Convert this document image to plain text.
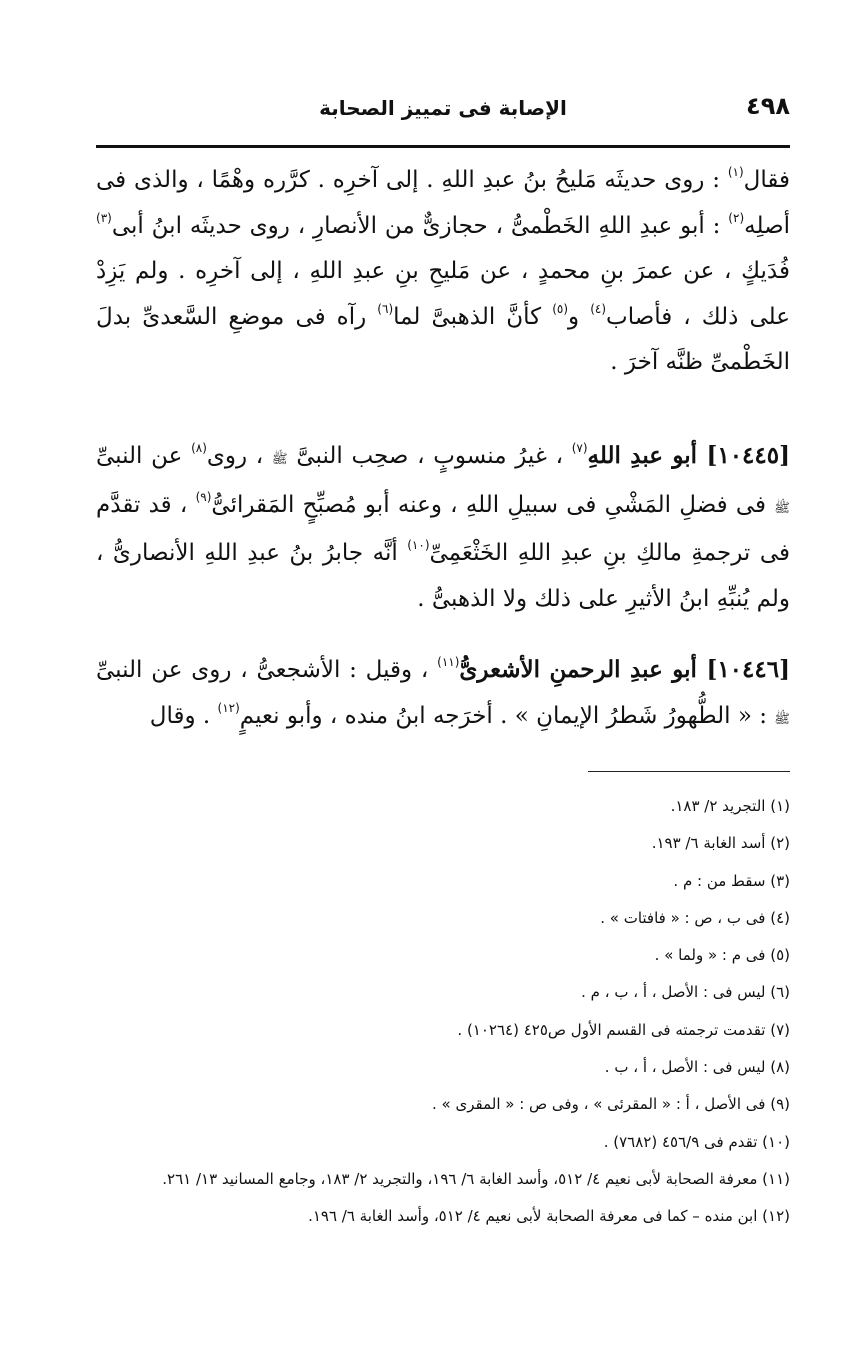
٤٩٨
الإصابة فى تمييز الصحابة

فقال$^{(١)}$ : روى حديثَه مَليحُ بنُ عبدِ اللهِ . إلى آخرِه . كرَّره وهْمًا ، والذى فى أصلِه$^{(٢)}$ : أبو عبدِ اللهِ الخَطْمىُّ ، حجازىٌّ من الأنصارِ ، روى حديثَه ابنُ أبى$^{(٣)}$ فُدَيكٍ ، عن عمرَ بنِ محمدٍ ، عن مَليحِ بنِ عبدِ اللهِ ، إلى آخرِه . ولم يَزِدْ على ذلك ، فأصاب$^{(٤)}$ و$^{(٥)}$ كأنَّ الذهبىَّ لما$^{(٦)}$ رآه فى موضعِ السَّعدىِّ بدلَ الخَطْمىِّ ظنَّه آخرَ .

[١٠٤٤٥] أبو عبدِ اللهِ$^{(٧)}$ ، غيرُ منسوبٍ ، صحِب النبىَّ ﷺ ، روى$^{(٨)}$ عن النبىِّ ﷺ فى فضلِ المَشْىِ فى سبيلِ اللهِ ، وعنه أبو مُصبِّحٍ المَقرائىُّ$^{(٩)}$ ، قد تقدَّم فى ترجمةِ مالكِ بنِ عبدِ اللهِ الخَثْعَمِىِّ$^{(١٠)}$ أنَّه جابرُ بنُ عبدِ اللهِ الأنصارىُّ ، ولم يُنبِّهِ ابنُ الأثيرِ على ذلك ولا الذهبىُّ .

[١٠٤٤٦] أبو عبدِ الرحمنِ الأشعرىُّ$^{(١١)}$ ، وقيل : الأشجعىُّ ، روى عن النبىِّ ﷺ : « الطُّهورُ شَطرُ الإيمانِ » . أخرَجه ابنُ منده ، وأبو نعيمٍ$^{(١٢)}$ . وقال

(١) التجريد ٢/ ١٨٣.
(٢) أسد الغابة ٦/ ١٩٣.
(٣) سقط من : م .
(٤) فى ب ، ص : « فافتات » .
(٥) فى م : « ولما » .
(٦) ليس فى : الأصل ، أ ، ب ، م .
(٧) تقدمت ترجمته فى القسم الأول ص٤٢٥ (١٠٢٦٤) .
(٨) ليس فى : الأصل ، أ ، ب .
(٩) فى الأصل ، أ : « المقرئى » ، وفى ص : « المقرى » .
(١٠) تقدم فى ٤٥٦/٩ (٧٦٨٢) .
(١١) معرفة الصحابة لأبى نعيم ٤/ ٥١٢، وأسد الغابة ٦/ ١٩٦، والتجريد ٢/ ١٨٣، وجامع المسانيد ١٣/ ٢٦١.
(١٢) ابن منده – كما فى معرفة الصحابة لأبى نعيم ٤/ ٥١٢، وأسد الغابة ٦/ ١٩٦.
